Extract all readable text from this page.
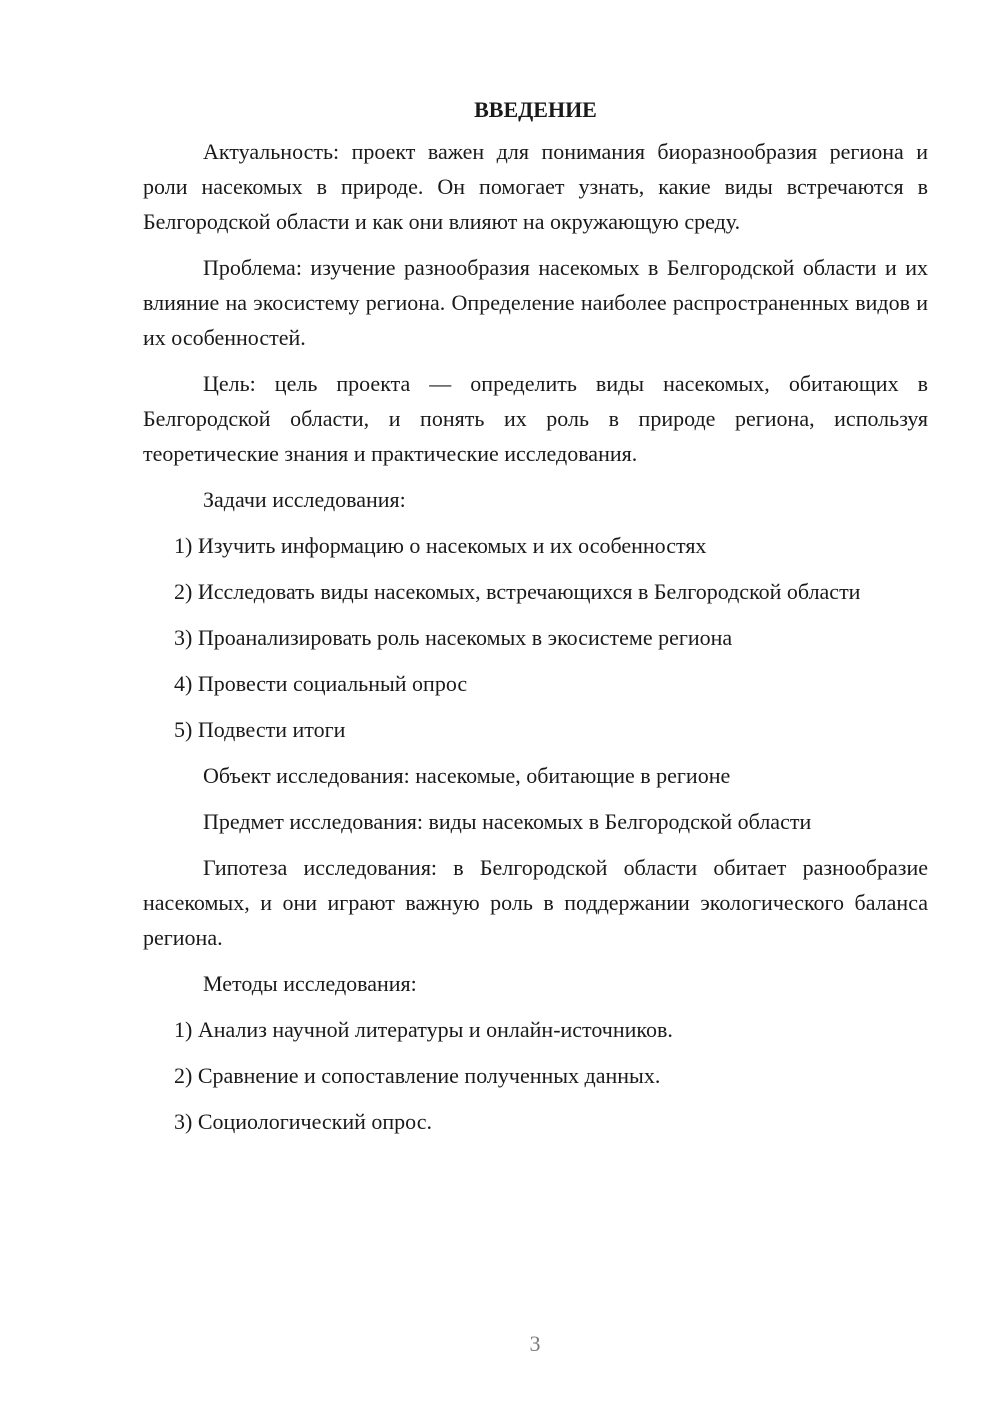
ВВЕДЕНИЕ

Актуальность: проект важен для понимания биоразнообразия региона и роли насекомых в природе. Он помогает узнать, какие виды встречаются в Белгородской области и как они влияют на окружающую среду.

Проблема: изучение разнообразия насекомых в Белгородской области и их влияние на экосистему региона. Определение наиболее распространенных видов и их особенностей.

Цель: цель проекта — определить виды насекомых, обитающих в Белгородской области, и понять их роль в природе региона, используя теоретические знания и практические исследования.

Задачи исследования:

1) Изучить информацию о насекомых и их особенностях

2) Исследовать виды насекомых, встречающихся в Белгородской области

3) Проанализировать роль насекомых в экосистеме региона

4) Провести социальный опрос

5) Подвести итоги

Объект исследования: насекомые, обитающие в регионе

Предмет исследования: виды насекомых в Белгородской области

Гипотеза исследования: в Белгородской области обитает разнообразие насекомых, и они играют важную роль в поддержании экологического баланса региона.

Методы исследования:

1) Анализ научной литературы и онлайн-источников.

2) Сравнение и сопоставление полученных данных.

3) Социологический опрос.

3
